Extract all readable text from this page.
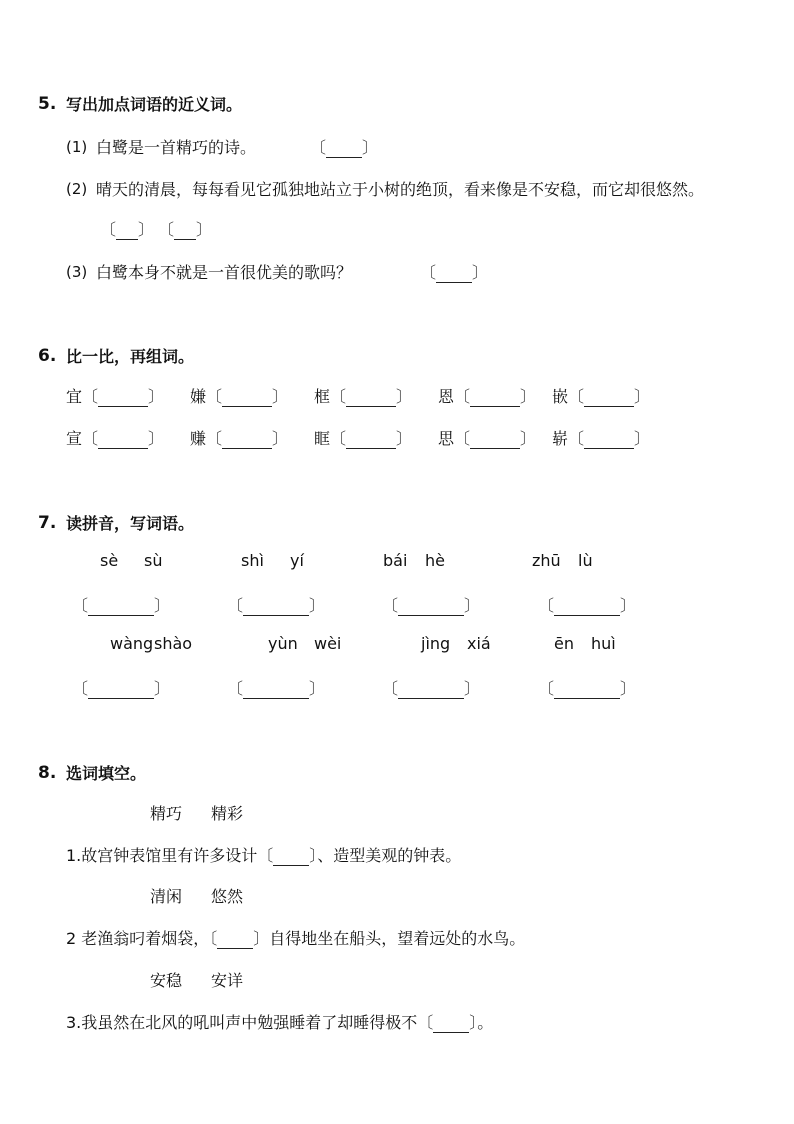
5. 写出加点词语的近义词。
(1) 白鹭是一首精巧的诗。	〔 〕
(2) 晴天的清晨，每每看见它孤独地站立于小树的绝顶，看来像是不安稳，而它却很悠然。
〔 〕 〔 〕
(3) 白鹭本身不就是一首很优美的歌吗？	〔 〕
6. 比一比，再组词。
宜 〔	〕 嫌 〔	〕 框 〔	〕 恩 〔	〕 嵌 〔	〕
宣 〔	〕 赚 〔	〕 眶 〔	〕 思 〔	〕 崭 〔	〕
7. 读拼音，写词语。
sè sù	shì yí	bái hè	zhū lù
〔	〕	〔	〕	〔	〕	〔	〕
wàng shào	yùn wèi	jìng xiá	ēn huì
〔	〕	〔	〕	〔	〕	〔	〕
8. 选词填空。
精巧 精彩
1.故宫钟表馆里有许多设计〔 〕、造型美观的钟表。
清闲 悠然
2 老渔翁叼着烟袋，〔 〕自得地坐在船头，望着远处的水鸟。
安稳 安详
3.我虽然在北风的吼叫声中勉强睡着了却睡得极不〔 〕。
